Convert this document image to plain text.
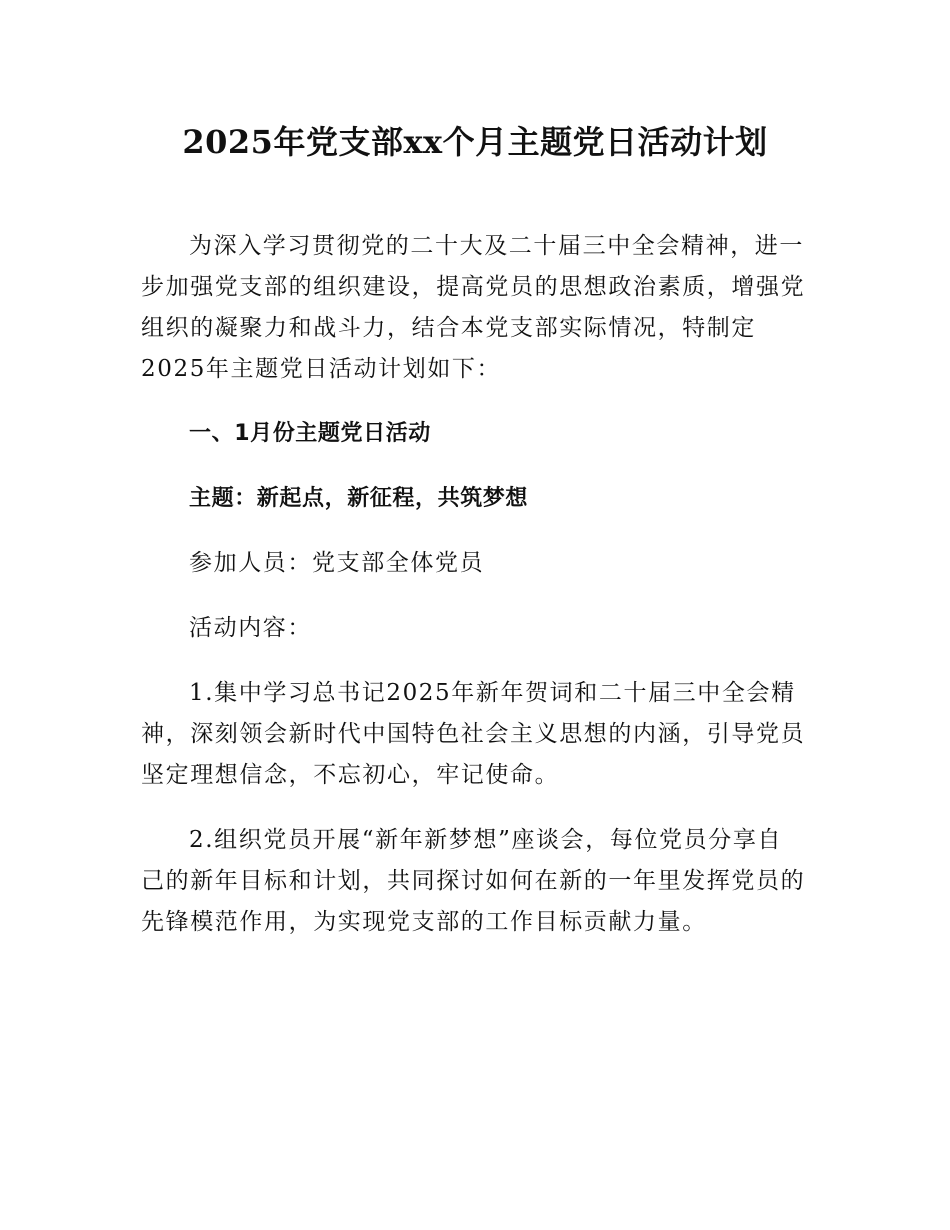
2025年党支部xx个月主题党日活动计划

为深入学习贯彻党的二十大及二十届三中全会精神，进一
步加强党支部的组织建设，提高党员的思想政治素质，增强党
组织的凝聚力和战斗力，结合本党支部实际情况，特制定
2025年主题党日活动计划如下：

一、1月份主题党日活动

主题：新起点，新征程，共筑梦想

参加人员：党支部全体党员

活动内容：

1.集中学习总书记2025年新年贺词和二十届三中全会精
神，深刻领会新时代中国特色社会主义思想的内涵，引导党员
坚定理想信念，不忘初心，牢记使命。

2.组织党员开展“新年新梦想”座谈会，每位党员分享自
己的新年目标和计划，共同探讨如何在新的一年里发挥党员的
先锋模范作用，为实现党支部的工作目标贡献力量。
